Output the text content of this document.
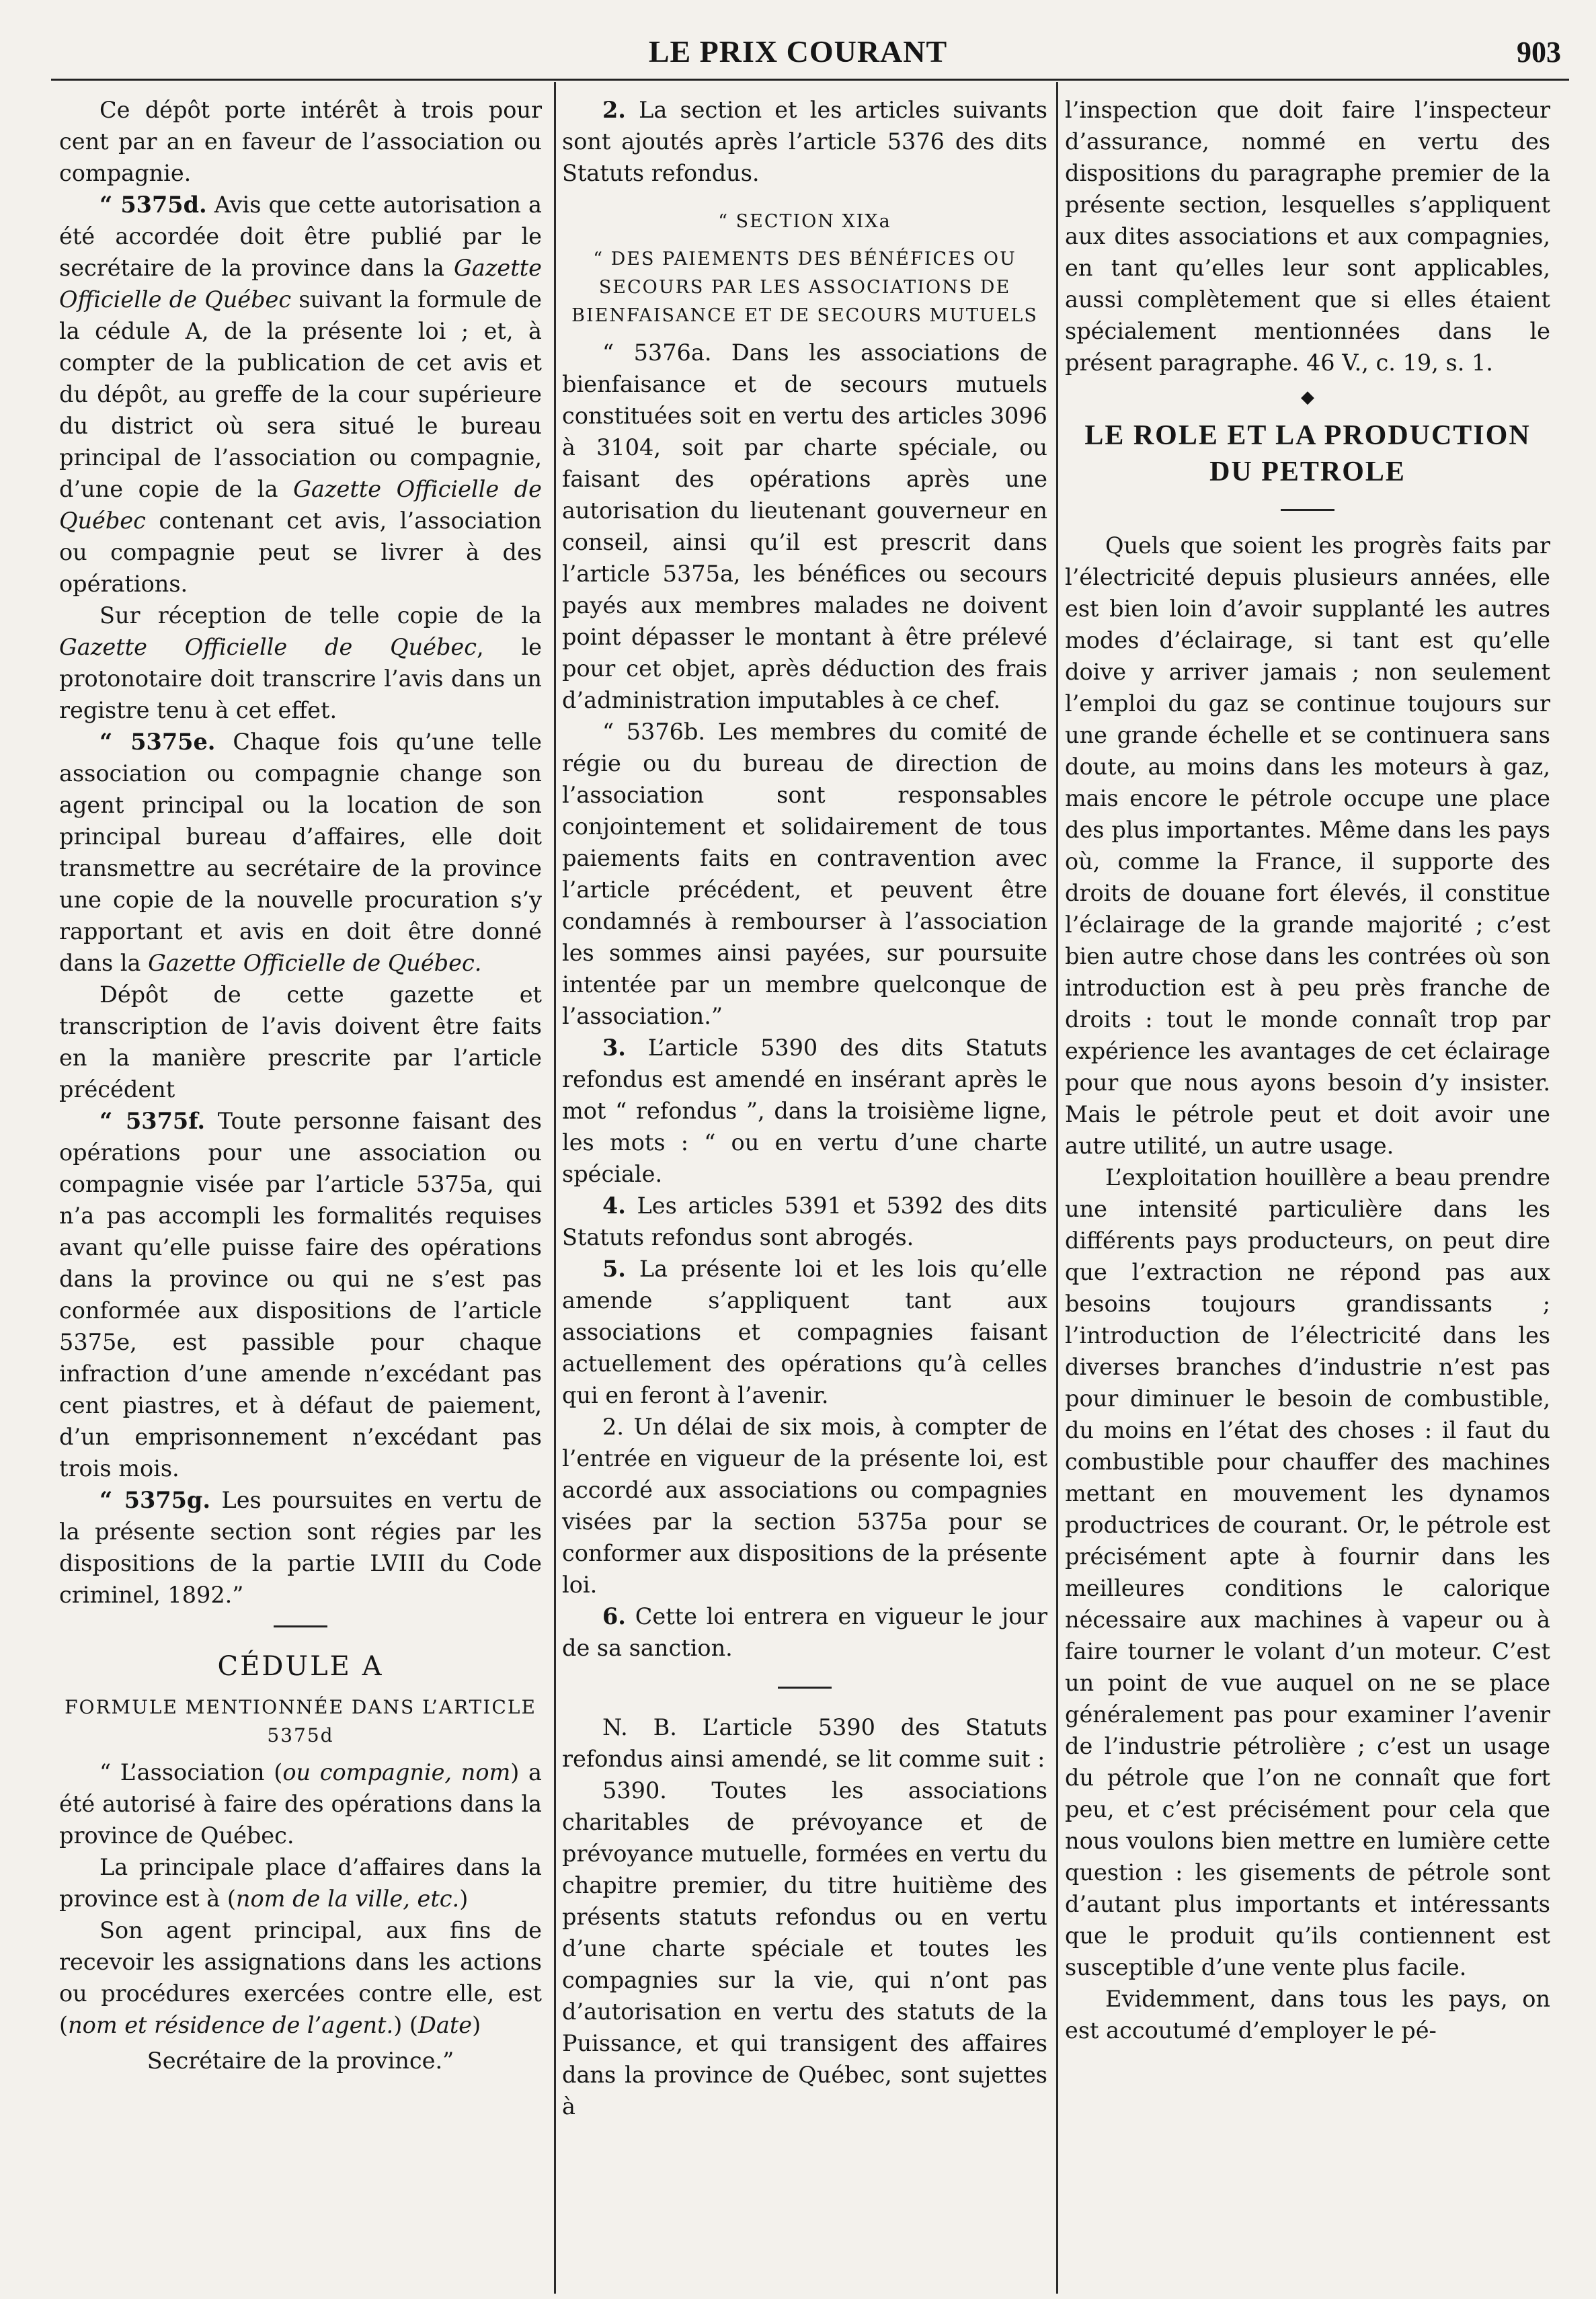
LE PRIX COURANT	903

Ce dépôt porte intérêt à trois pour cent par an en faveur de l’association ou compagnie.

“ 5375d. Avis que cette autorisation a été accordée doit être publié par le secrétaire de la province dans la Gazette Officielle de Québec suivant la formule de la cédule A, de la présente loi ; et, à compter de la publication de cet avis et du dépôt, au greffe de la cour supérieure du district où sera situé le bureau principal de l’association ou compagnie, d’une copie de la Gazette Officielle de Québec contenant cet avis, l’association ou compagnie peut se livrer à des opérations.

Sur réception de telle copie de la Gazette Officielle de Québec, le protonotaire doit transcrire l’avis dans un registre tenu à cet effet.

“ 5375e. Chaque fois qu’une telle association ou compagnie change son agent principal ou la location de son principal bureau d’affaires, elle doit transmettre au secrétaire de la province une copie de la nouvelle procuration s’y rapportant et avis en doit être donné dans la Gazette Officielle de Québec.

Dépôt de cette gazette et transcription de l’avis doivent être faits en la manière prescrite par l’article précédent

“ 5375f. Toute personne faisant des opérations pour une association ou compagnie visée par l’article 5375a, qui n’a pas accompli les formalités requises avant qu’elle puisse faire des opérations dans la province ou qui ne s’est pas conformée aux dispositions de l’article 5375e, est passible pour chaque infraction d’une amende n’excédant pas cent piastres, et à défaut de paiement, d’un emprisonnement n’excédant pas trois mois.

“ 5375g. Les poursuites en vertu de la présente section sont régies par les dispositions de la partie LVIII du Code criminel, 1892.”

CÉDULE A
FORMULE MENTIONNÉE DANS L’ARTICLE 5375d

“ L’association (ou compagnie, nom) a été autorisé à faire des opérations dans la province de Québec.

La principale place d’affaires dans la province est à (nom de la ville, etc.)

Son agent principal, aux fins de recevoir les assignations dans les actions ou procédures exercées contre elle, est (nom et résidence de l’agent.) (Date)

Secrétaire de la province.”

2. La section et les articles suivants sont ajoutés après l’article 5376 des dits Statuts refondus.

“ SECTION XIXa
“ DES PAIEMENTS DES BÉNÉFICES OU SECOURS PAR LES ASSOCIATIONS DE BIENFAISANCE ET DE SECOURS MUTUELS

“ 5376a. Dans les associations de bienfaisance et de secours mutuels constituées soit en vertu des articles 3096 à 3104, soit par charte spéciale, ou faisant des opérations après une autorisation du lieutenant gouverneur en conseil, ainsi qu’il est prescrit dans l’article 5375a, les bénéfices ou secours payés aux membres malades ne doivent point dépasser le montant à être prélevé pour cet objet, après déduction des frais d’administration imputables à ce chef.

“ 5376b. Les membres du comité de régie ou du bureau de direction de l’association sont responsables conjointement et solidairement de tous paiements faits en contravention avec l’article précédent, et peuvent être condamnés à rembourser à l’association les sommes ainsi payées, sur poursuite intentée par un membre quelconque de l’association.”

3. L’article 5390 des dits Statuts refondus est amendé en insérant après le mot “ refondus ”, dans la troisième ligne, les mots : “ ou en vertu d’une charte spéciale.

4. Les articles 5391 et 5392 des dits Statuts refondus sont abrogés.

5. La présente loi et les lois qu’elle amende s’appliquent tant aux associations et compagnies faisant actuellement des opérations qu’à celles qui en feront à l’avenir.

2. Un délai de six mois, à compter de l’entrée en vigueur de la présente loi, est accordé aux associations ou compagnies visées par la section 5375a pour se conformer aux dispositions de la présente loi.

6. Cette loi entrera en vigueur le jour de sa sanction.

N. B. L’article 5390 des Statuts refondus ainsi amendé, se lit comme suit :

5390. Toutes les associations charitables de prévoyance et de prévoyance mutuelle, formées en vertu du chapitre premier, du titre huitième des présents statuts refondus ou en vertu d’une charte spéciale et toutes les compagnies sur la vie, qui n’ont pas d’autorisation en vertu des statuts de la Puissance, et qui transigent des affaires dans la province de Québec, sont sujettes à

l’inspection que doit faire l’inspecteur d’assurance, nommé en vertu des dispositions du paragraphe premier de la présente section, lesquelles s’appliquent aux dites associations et aux compagnies, en tant qu’elles leur sont applicables, aussi complètement que si elles étaient spécialement mentionnées dans le présent paragraphe. 46 V., c. 19, s. 1.

◆
LE ROLE ET LA PRODUCTION DU PETROLE

Quels que soient les progrès faits par l’électricité depuis plusieurs années, elle est bien loin d’avoir supplanté les autres modes d’éclairage, si tant est qu’elle doive y arriver jamais ; non seulement l’emploi du gaz se continue toujours sur une grande échelle et se continuera sans doute, au moins dans les moteurs à gaz, mais encore le pétrole occupe une place des plus importantes. Même dans les pays où, comme la France, il supporte des droits de douane fort élevés, il constitue l’éclairage de la grande majorité ; c’est bien autre chose dans les contrées où son introduction est à peu près franche de droits : tout le monde connaît trop par expérience les avantages de cet éclairage pour que nous ayons besoin d’y insister. Mais le pétrole peut et doit avoir une autre utilité, un autre usage.

L’exploitation houillère a beau prendre une intensité particulière dans les différents pays producteurs, on peut dire que l’extraction ne répond pas aux besoins toujours grandissants ; l’introduction de l’électricité dans les diverses branches d’industrie n’est pas pour diminuer le besoin de combustible, du moins en l’état des choses : il faut du combustible pour chauffer des machines mettant en mouvement les dynamos productrices de courant. Or, le pétrole est précisément apte à fournir dans les meilleures conditions le calorique nécessaire aux machines à vapeur ou à faire tourner le volant d’un moteur. C’est un point de vue auquel on ne se place généralement pas pour examiner l’avenir de l’industrie pétrolière ; c’est un usage du pétrole que l’on ne connaît que fort peu, et c’est précisément pour cela que nous voulons bien mettre en lumière cette question : les gisements de pétrole sont d’autant plus importants et intéressants que le produit qu’ils contiennent est susceptible d’une vente plus facile.

Evidemment, dans tous les pays, on est accoutumé d’employer le pé-
